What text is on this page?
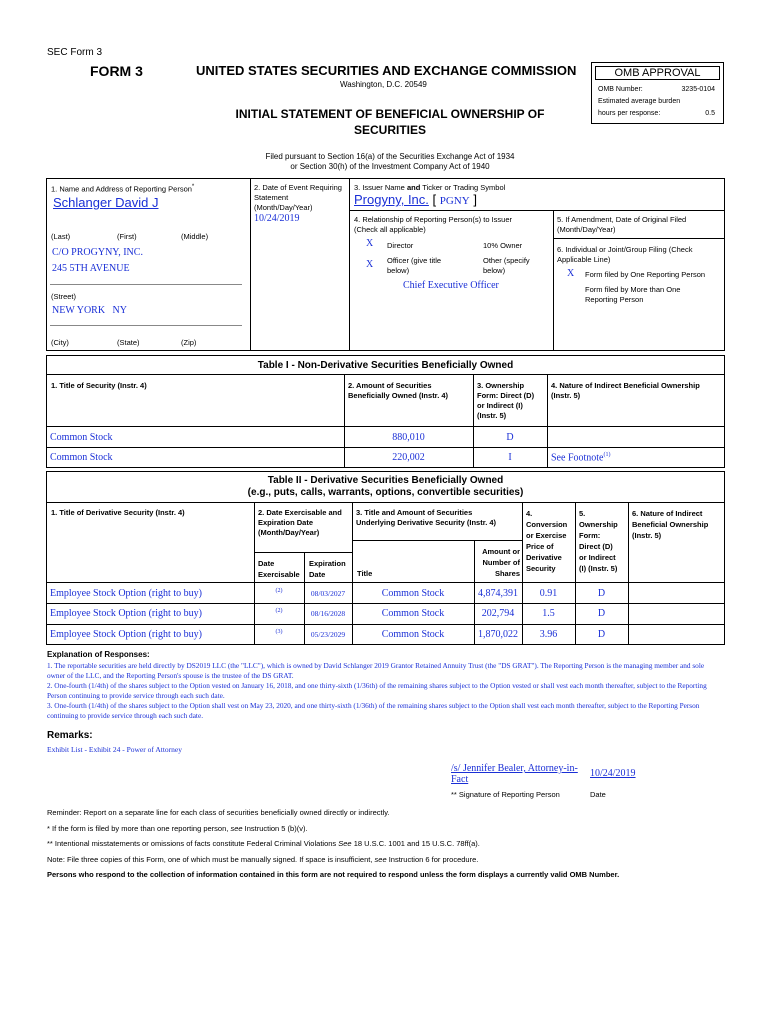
SEC Form 3
FORM 3	UNITED STATES SECURITIES AND EXCHANGE COMMISSION
Washington, D.C. 20549
INITIAL STATEMENT OF BENEFICIAL OWNERSHIP OF
SECURITIES
Filed pursuant to Section 16(a) of the Securities Exchange Act of 1934
or Section 30(h) of the Investment Company Act of 1940
OMB APPROVAL
OMB Number:	3235-0104
Estimated average burden
hours per response:	0.5
1. Name and Address of Reporting Person*
Schlanger David J
(Last)	(First)	(Middle)
C/O PROGYNY, INC.
245 5TH AVENUE
(Street)
NEW YORK   NY
(City)	(State)	(Zip)
2. Date of Event Requiring
Statement
(Month/Day/Year)
10/24/2019
3. Issuer Name and Ticker or Trading Symbol
Progyny, Inc. [ PGNY ]
4. Relationship of Reporting Person(s) to Issuer
(Check all applicable)
X Director	10% Owner
X Officer (give title
below)
Other (specify
below)
Chief Executive Officer
5. If Amendment, Date of Original Filed
(Month/Day/Year)
6. Individual or Joint/Group Filing (Check
Applicable Line)
X Form filed by One Reporting Person
Form filed by More than One
Reporting Person
Table I - Non-Derivative Securities Beneficially Owned
1. Title of Security (Instr. 4)	2. Amount of Securities
Beneficially Owned (Instr. 4)
3. Ownership
Form: Direct (D)
or Indirect (I)
(Instr. 5)
4. Nature of Indirect Beneficial Ownership
(Instr. 5)
Common Stock	880,010	D
Common Stock	220,002	I	See Footnote$^{(1)}$
Table II - Derivative Securities Beneficially Owned
(e.g., puts, calls, warrants, options, convertible securities)
1. Title of Derivative Security (Instr. 4)	2. Date Exercisable and
Expiration Date
(Month/Day/Year)
3. Title and Amount of Securities
Underlying Derivative Security (Instr. 4)
4.
Conversion
or Exercise
Price of
Derivative
Security
5.
Ownership
Form:
Direct (D)
or Indirect
(I) (Instr. 5)
6. Nature of Indirect
Beneficial Ownership
(Instr. 5)
Date
Exercisable
Expiration
Date	Title
Amount or
Number of
Shares
Employee Stock Option (right to buy)	(2)	08/03/2027	Common Stock	4,874,391	0.91	D
Employee Stock Option (right to buy)	(2)	08/16/2028	Common Stock	202,794	1.5	D
Employee Stock Option (right to buy)	(3)	05/23/2029	Common Stock	1,870,022	3.96	D
Explanation of Responses:
1. The reportable securities are held directly by DS2019 LLC (the "LLC"), which is owned by David Schlanger 2019 Grantor Retained Annuity Trust (the "DS GRAT"). The Reporting Person is the managing member and sole owner of the LLC, and the Reporting Person's spouse is the trustee of the DS GRAT.
2. One-fourth (1/4th) of the shares subject to the Option vested on January 16, 2018, and one thirty-sixth (1/36th) of the remaining shares subject to the Option vested or shall vest each month thereafter, subject to the Reporting Person continuing to provide service through each such date.
3. One-fourth (1/4th) of the shares subject to the Option shall vest on May 23, 2020, and one thirty-sixth (1/36th) of the remaining shares subject to the Option shall vest each month thereafter, subject to the Reporting Person continuing to provide service through each such date.
Remarks:
Exhibit List - Exhibit 24 - Power of Attorney
/s/ Jennifer Bealer, Attorney-in-
Fact
10/24/2019
** Signature of Reporting Person	Date
Reminder: Report on a separate line for each class of securities beneficially owned directly or indirectly.
* If the form is filed by more than one reporting person, see Instruction 5 (b)(v).
** Intentional misstatements or omissions of facts constitute Federal Criminal Violations See 18 U.S.C. 1001 and 15 U.S.C. 78ff(a).
Note: File three copies of this Form, one of which must be manually signed. If space is insufficient, see Instruction 6 for procedure.
Persons who respond to the collection of information contained in this form are not required to respond unless the form displays a currently valid OMB Number.
